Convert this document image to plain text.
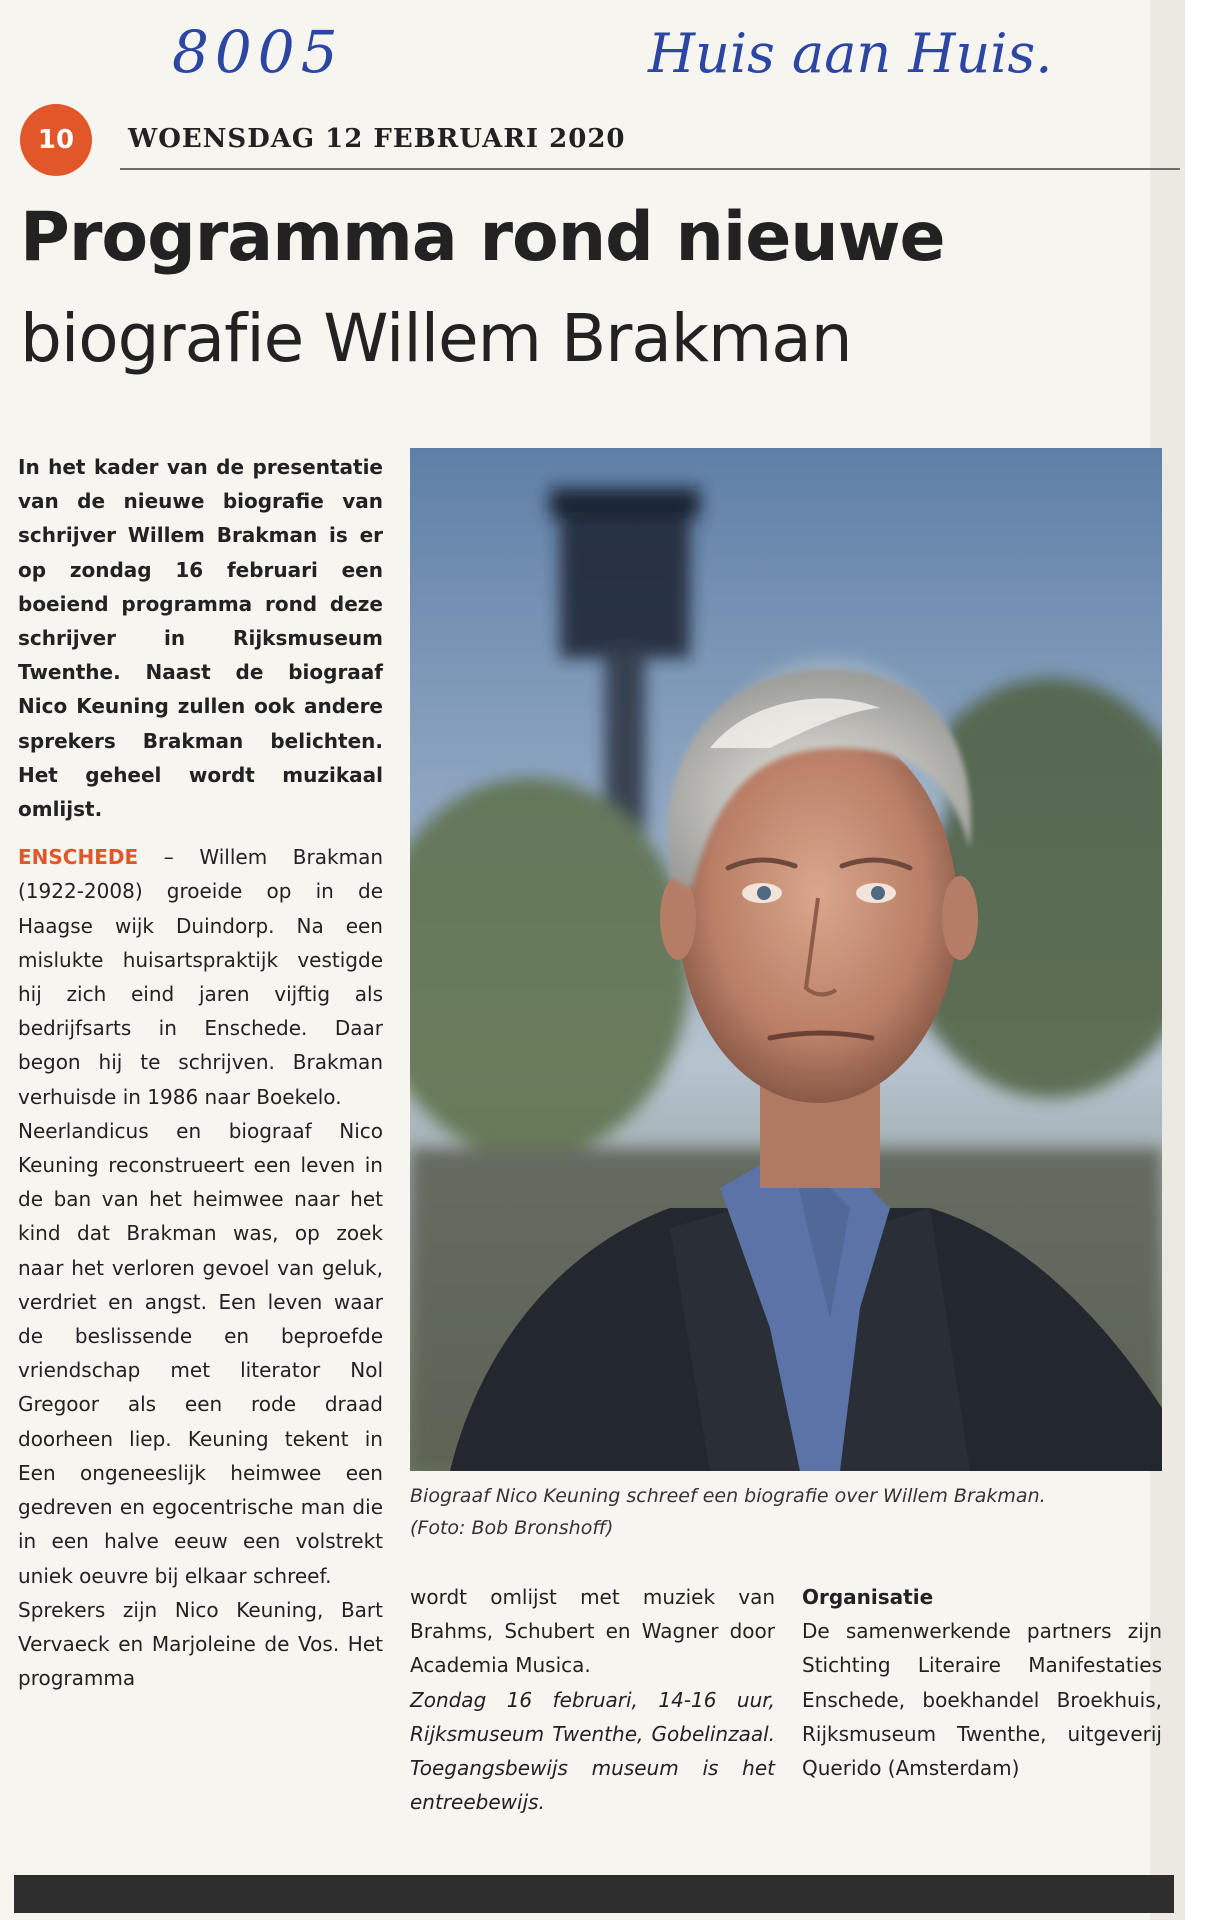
8005	Huis aan Huis.
10	WOENSDAG 12 FEBRUARI 2020
Programma rond nieuwe
biografie Willem Brakman

In het kader van de presentatie van de nieuwe biografie van schrijver Willem Brakman is er op zondag 16 februari een boeiend programma rond deze schrijver in Rijksmuseum Twenthe. Naast de biograaf Nico Keuning zullen ook andere sprekers Brakman belichten. Het geheel wordt muzikaal omlijst.

ENSCHEDE – Willem Brakman (1922-2008) groeide op in de Haagse wijk Duindorp. Na een mislukte huisartspraktijk vestigde hij zich eind jaren vijftig als bedrijfsarts in Enschede. Daar begon hij te schrijven. Brakman verhuisde in 1986 naar Boekelo.

Neerlandicus en biograaf Nico Keuning reconstrueert een leven in de ban van het heimwee naar het kind dat Brakman was, op zoek naar het verloren gevoel van geluk, verdriet en angst. Een leven waar de beslissende en beproefde vriendschap met literator Nol Gregoor als een rode draad doorheen liep. Keuning tekent in Een ongeneeslijk heimwee een gedreven en egocentrische man die in een halve eeuw een volstrekt uniek oeuvre bij elkaar schreef.

Sprekers zijn Nico Keuning, Bart Vervaeck en Marjoleine de Vos. Het programma

Biograaf Nico Keuning schreef een biografie over Willem Brakman.
(Foto: Bob Bronshoff)

wordt omlijst met muziek van Brahms, Schubert en Wagner door Academia Musica.

Zondag 16 februari, 14-16 uur, Rijksmuseum Twenthe, Gobelinzaal. Toegangsbewijs museum is het entreebewijs.

Organisatie

De samenwerkende partners zijn Stichting Literaire Manifestaties Enschede, boekhandel Broekhuis, Rijksmuseum Twenthe, uitgeverij Querido (Amsterdam)
